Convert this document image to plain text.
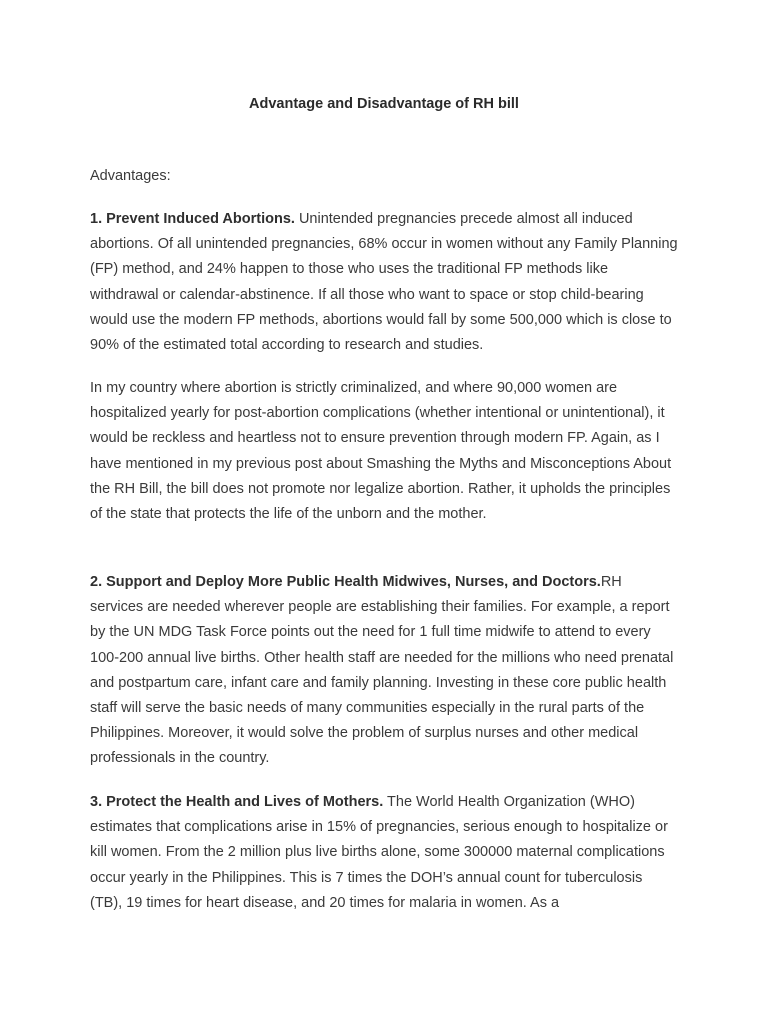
Advantage and Disadvantage of RH bill

Advantages:

1. Prevent Induced Abortions. Unintended pregnancies precede almost all induced abortions. Of all unintended pregnancies, 68% occur in women without any Family Planning (FP) method, and 24% happen to those who uses the traditional FP methods like withdrawal or calendar-abstinence. If all those who want to space or stop child-bearing would use the modern FP methods, abortions would fall by some 500,000 which is close to 90% of the estimated total according to research and studies.

In my country where abortion is strictly criminalized, and where 90,000 women are hospitalized yearly for post-abortion complications (whether intentional or unintentional), it would be reckless and heartless not to ensure prevention through modern FP. Again, as I have mentioned in my previous post about Smashing the Myths and Misconceptions About the RH Bill, the bill does not promote nor legalize abortion. Rather, it upholds the principles of the state that protects the life of the unborn and the mother.

2. Support and Deploy More Public Health Midwives, Nurses, and Doctors.RH services are needed wherever people are establishing their families. For example, a report by the UN MDG Task Force points out the need for 1 full time midwife to attend to every 100-200 annual live births. Other health staff are needed for the millions who need prenatal and postpartum care, infant care and family planning. Investing in these core public health staff will serve the basic needs of many communities especially in the rural parts of the Philippines. Moreover, it would solve the problem of surplus nurses and other medical professionals in the country.

3. Protect the Health and Lives of Mothers. The World Health Organization (WHO) estimates that complications arise in 15% of pregnancies, serious enough to hospitalize or kill women. From the 2 million plus live births alone, some 300000 maternal complications occur yearly in the Philippines. This is 7 times the DOH’s annual count for tuberculosis (TB), 19 times for heart disease, and 20 times for malaria in women. As a
